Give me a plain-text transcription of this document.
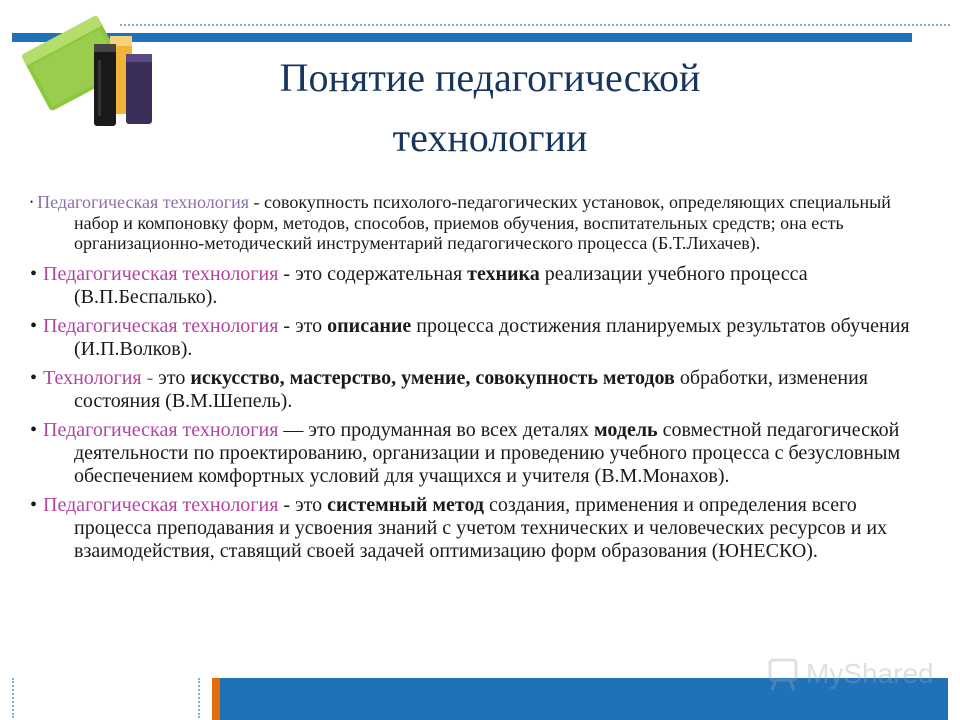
Понятие педагогической
технологии
• Педагогическая технология - совокупность психолого-педагогических установок, определяющих специальный набор и компоновку форм, методов, способов, приемов обучения, воспитательных средств; она есть организационно-методический инструментарий педагогического процесса (Б.Т.Лихачев).
• Педагогическая технология - это содержательная техника реализации учебного процесса (В.П.Беспалько).
• Педагогическая технология - это описание процесса достижения планируемых результатов обучения (И.П.Волков).
• Технология - это искусство, мастерство, умение, совокупность методов обработки, изменения состояния (В.М.Шепель).
• Педагогическая технология — это продуманная во всех деталях модель совместной педагогической деятельности по проектированию, организации и проведению учебного процесса с безусловным обеспечением комфортных условий для учащихся и учителя (В.М.Монахов).
• Педагогическая технология - это системный метод создания, применения и определения всего процесса преподавания и усвоения знаний с учетом технических и человеческих ресурсов и их взаимодействия, ставящий своей задачей оптимизацию форм образования (ЮНЕСКО).
MyShared
